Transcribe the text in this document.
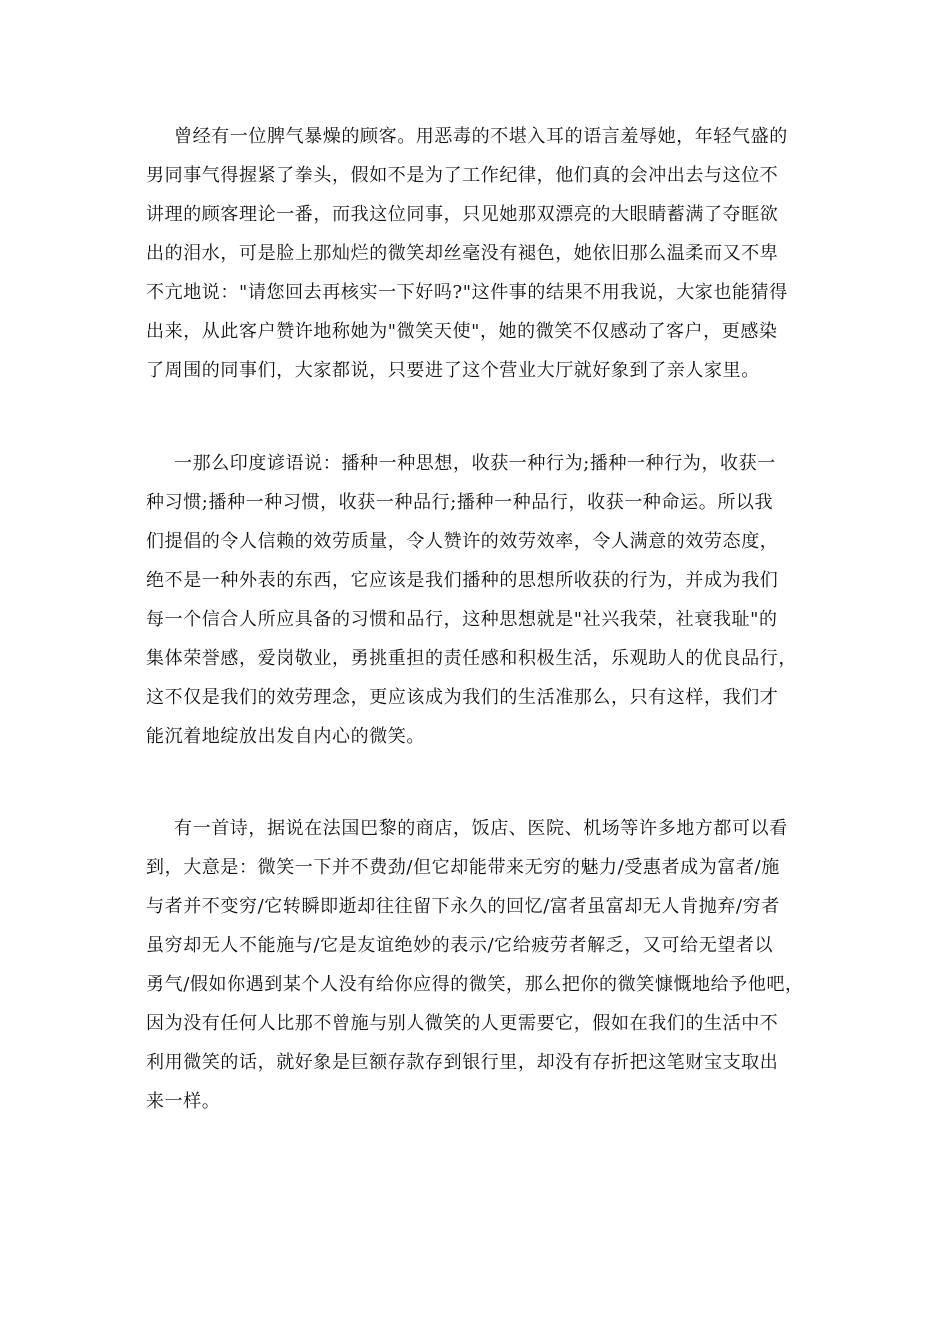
曾经有一位脾气暴燥的顾客。用恶毒的不堪入耳的语言羞辱她，年轻气盛的
男同事气得握紧了拳头，假如不是为了工作纪律，他们真的会冲出去与这位不
讲理的顾客理论一番，而我这位同事，只见她那双漂亮的大眼睛蓄满了夺眶欲
出的泪水，可是脸上那灿烂的微笑却丝毫没有褪色，她依旧那么温柔而又不卑
不亢地说："请您回去再核实一下好吗?"这件事的结果不用我说，大家也能猜得
出来，从此客户赞许地称她为"微笑天使"，她的微笑不仅感动了客户，更感染
了周围的同事们，大家都说，只要进了这个营业大厅就好象到了亲人家里。
一那么印度谚语说：播种一种思想，收获一种行为;播种一种行为，收获一
种习惯;播种一种习惯，收获一种品行;播种一种品行，收获一种命运。所以我
们提倡的令人信赖的效劳质量，令人赞许的效劳效率，令人满意的效劳态度，
绝不是一种外表的东西，它应该是我们播种的思想所收获的行为，并成为我们
每一个信合人所应具备的习惯和品行，这种思想就是"社兴我荣，社衰我耻"的
集体荣誉感，爱岗敬业，勇挑重担的责任感和积极生活，乐观助人的优良品行，
这不仅是我们的效劳理念，更应该成为我们的生活准那么，只有这样，我们才
能沉着地绽放出发自内心的微笑。
有一首诗，据说在法国巴黎的商店，饭店、医院、机场等许多地方都可以看
到，大意是：微笑一下并不费劲/但它却能带来无穷的魅力/受惠者成为富者/施
与者并不变穷/它转瞬即逝却往往留下永久的回忆/富者虽富却无人肯抛弃/穷者
虽穷却无人不能施与/它是友谊绝妙的表示/它给疲劳者解乏，又可给无望者以
勇气/假如你遇到某个人没有给你应得的微笑，那么把你的微笑慷慨地给予他吧，
因为没有任何人比那不曾施与别人微笑的人更需要它，假如在我们的生活中不
利用微笑的话，就好象是巨额存款存到银行里，却没有存折把这笔财宝支取出
来一样。
